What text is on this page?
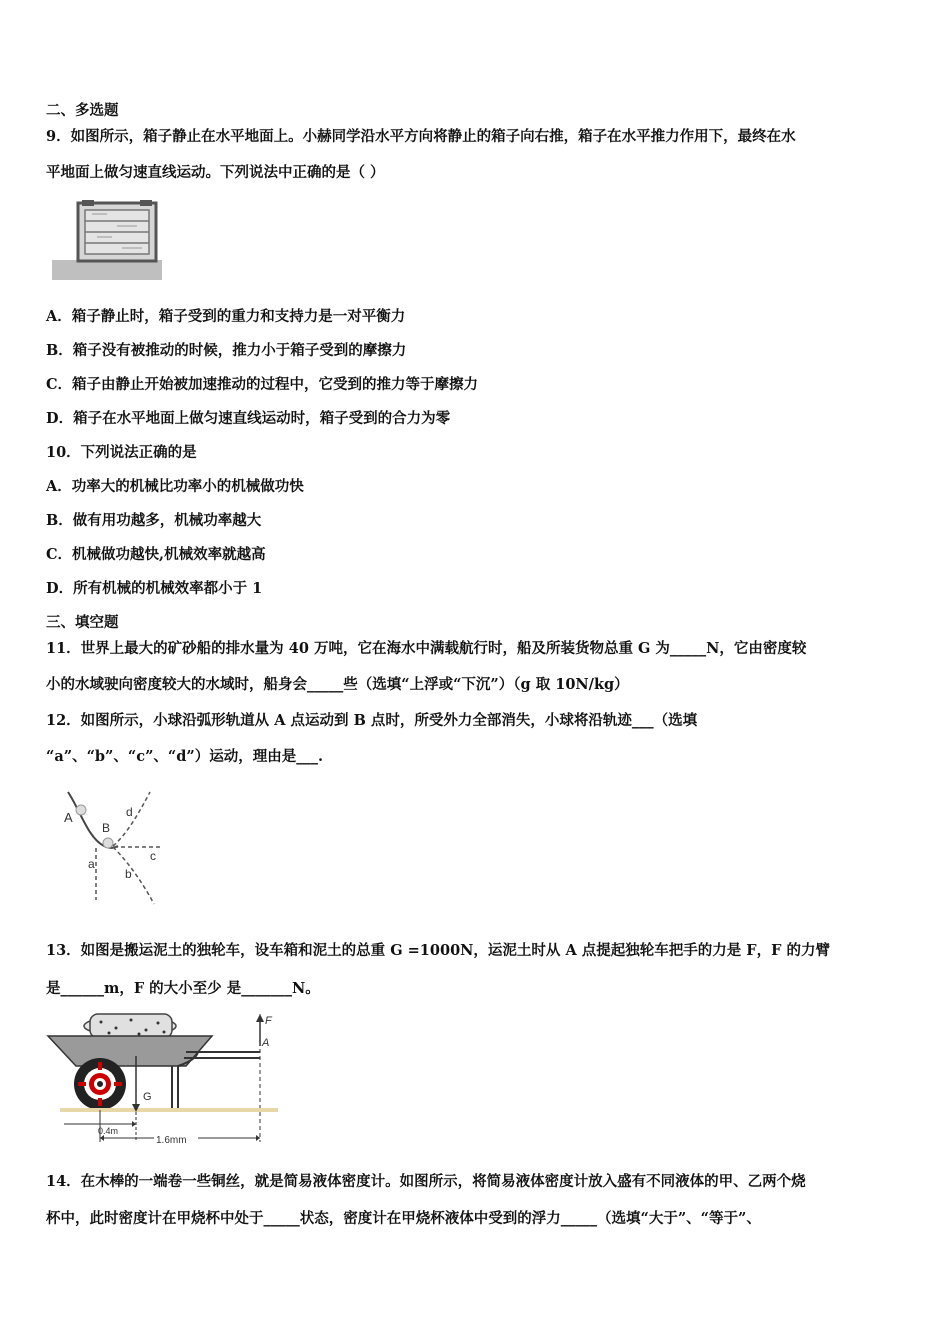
二、多选题
9．如图所示，箱子静止在水平地面上。小赫同学沿水平方向将静止的箱子向右推，箱子在水平推力作用下，最终在水
平地面上做匀速直线运动。下列说法中正确的是（ ）
A．箱子静止时，箱子受到的重力和支持力是一对平衡力
B．箱子没有被推动的时候，推力小于箱子受到的摩擦力
C．箱子由静止开始被加速推动的过程中，它受到的推力等于摩擦力
D．箱子在水平地面上做匀速直线运动时，箱子受到的合力为零
10．下列说法正确的是
A．功率大的机械比功率小的机械做功快
B．做有用功越多，机械功率越大
C．机械做功越快,机械效率就越高
D．所有机械的机械效率都小于 1
三、填空题
11．世界上最大的矿砂船的排水量为 40 万吨，它在海水中满载航行时，船及所装货物总重 G 为_____N，它由密度较
小的水域驶向密度较大的水域时，船身会_____些（选填“上浮或“下沉”）（g 取 10N/kg）
12．如图所示，小球沿弧形轨道从 A 点运动到 B 点时，所受外力全部消失，小球将沿轨迹___（选填
“a”、“b”、“c”、“d”）运动，理由是___.
A
B
a
b
c
d
13．如图是搬运泥土的独轮车，设车箱和泥土的总重 G =1000N，运泥土时从 A 点提起独轮车把手的力是 F，F 的力臂
是______m，F 的大小至少 是_______N。
F
A
G
0.4m
1.6mm
14．在木棒的一端卷一些铜丝，就是简易液体密度计。如图所示，将简易液体密度计放入盛有不同液体的甲、乙两个烧
杯中，此时密度计在甲烧杯中处于_____状态，密度计在甲烧杯液体中受到的浮力_____（选填“大于”、“等于”、
